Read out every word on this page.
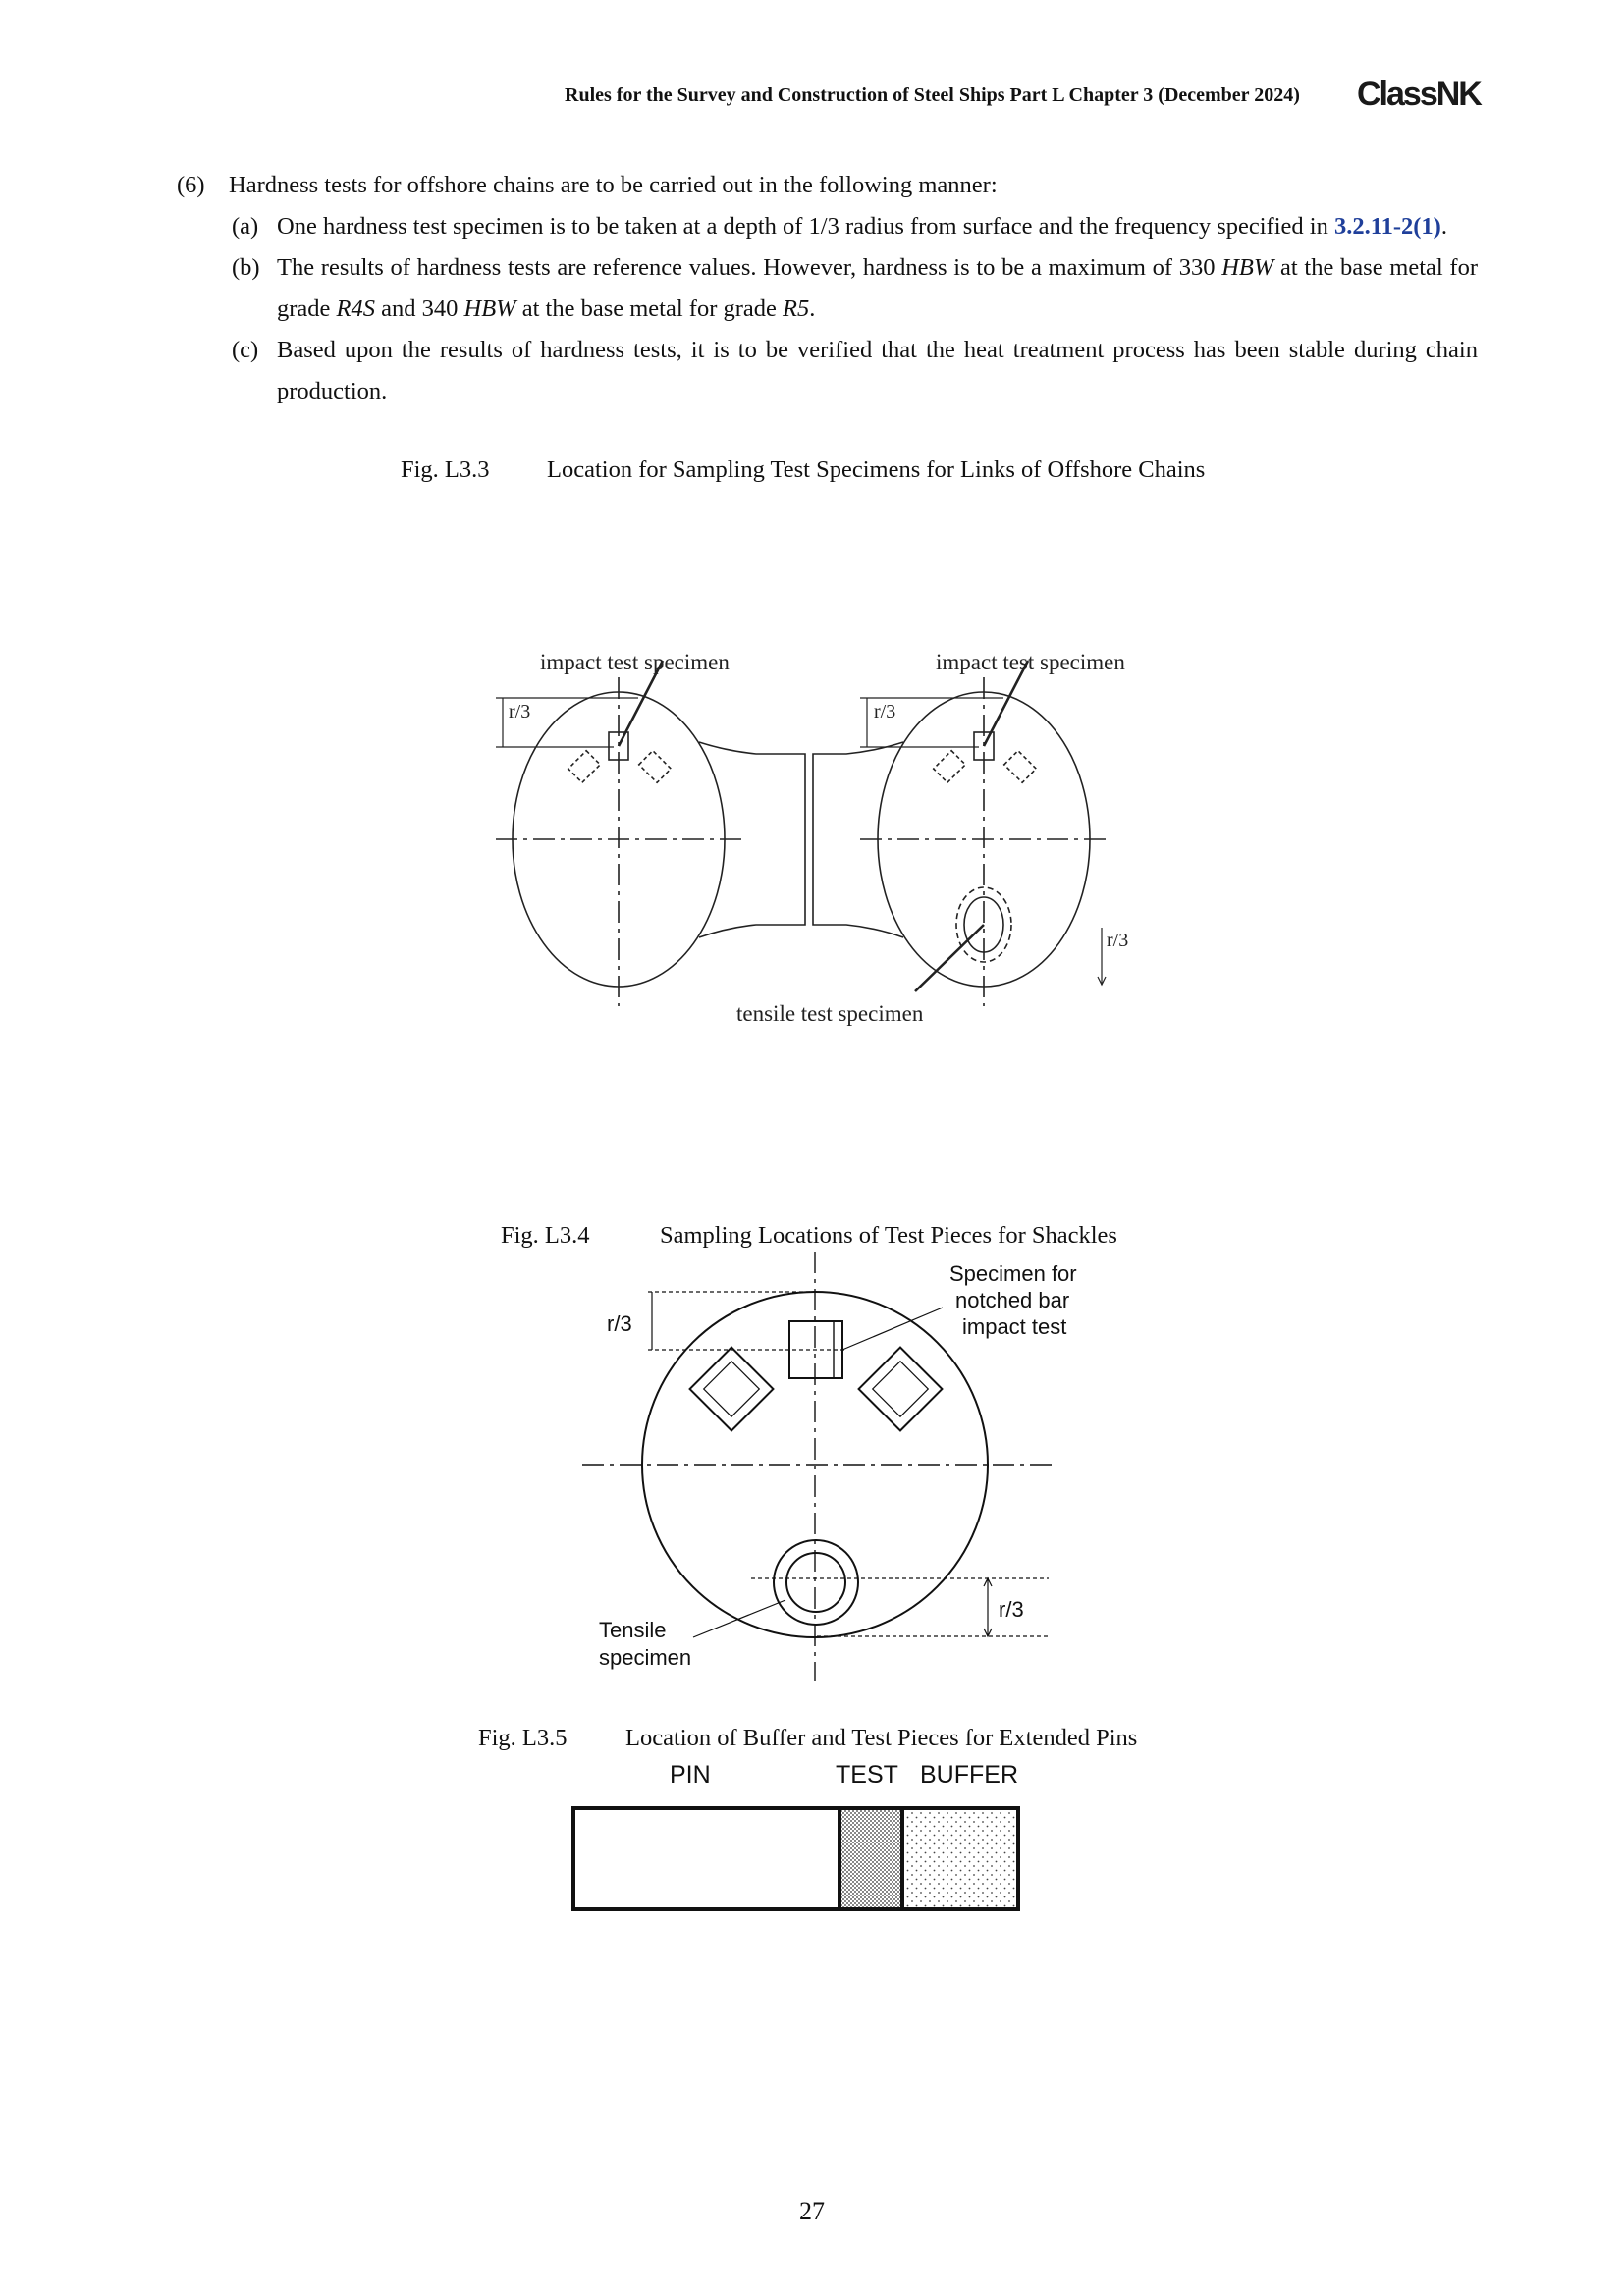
Rules for the Survey and Construction of Steel Ships Part L Chapter 3 (December 2024) ClassNK
(6) Hardness tests for offshore chains are to be carried out in the following manner:
(a) One hardness test specimen is to be taken at a depth of 1/3 radius from surface and the frequency specified in 3.2.11-2(1).
(b) The results of hardness tests are reference values. However, hardness is to be a maximum of 330 HBW at the base metal for grade R4S and 340 HBW at the base metal for grade R5.
(c) Based upon the results of hardness tests, it is to be verified that the heat treatment process has been stable during chain production.
Fig. L3.3 Location for Sampling Test Specimens for Links of Offshore Chains
Fig. L3.4	Sampling Locations of Test Pieces for Shackles
Fig. L3.5 Location of Buffer and Test Pieces for Extended Pins
27
impact test specimen	impact test specimen
r/3	r/3
r/3
tensile test specimen
Specimen for
notched bar
impact test
r/3
r/3
Tensile
specimen
PIN	TEST BUFFER
